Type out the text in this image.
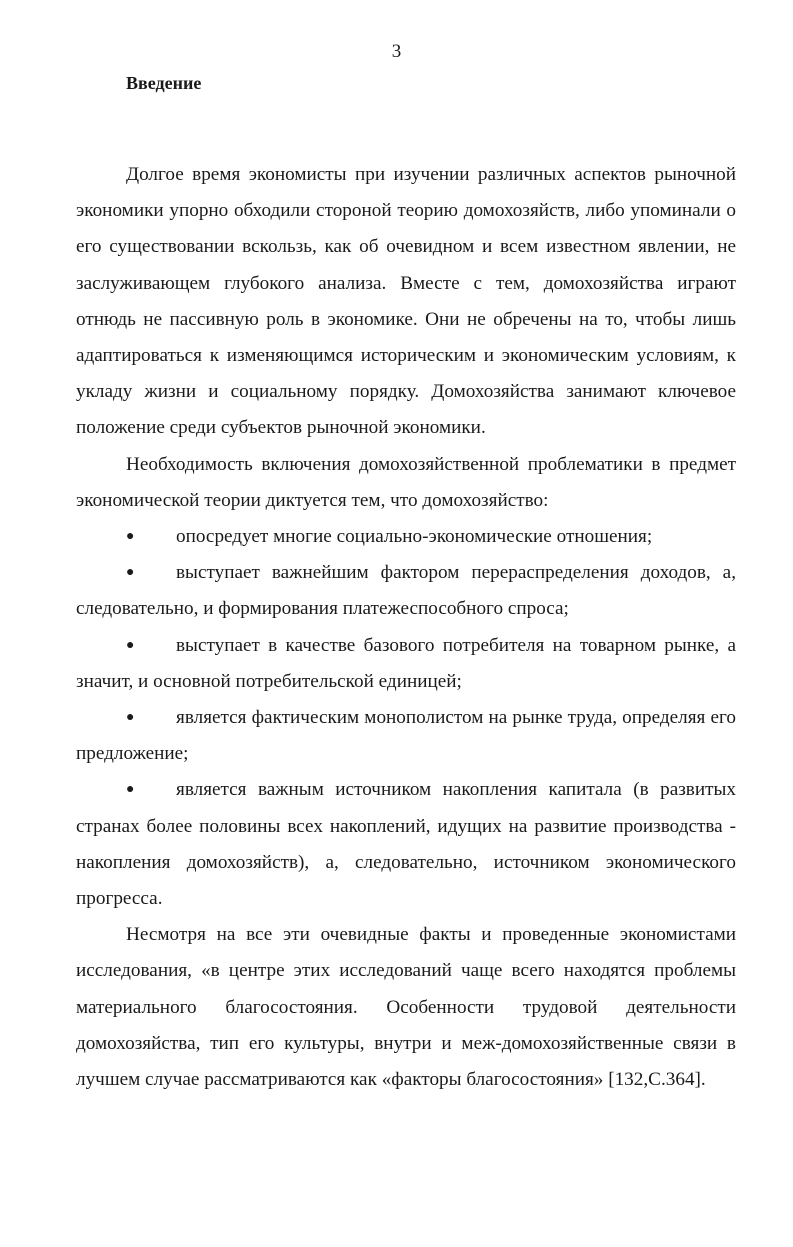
3
Введение

Долгое время экономисты при изучении различных аспектов рыночной экономики упорно обходили стороной теорию домохозяйств, либо упоминали о его существовании вскользь, как об очевидном и всем известном явлении, не заслуживающем глубокого анализа. Вместе с тем, домохозяйства играют отнюдь не пассивную роль в экономике. Они не обречены на то, чтобы лишь адаптироваться к изменяющимся историческим и экономическим условиям, к укладу жизни и социальному порядку. Домохозяйства занимают ключевое положение среди субъектов рыночной экономики.

Необходимость включения домохозяйственной проблематики в предмет экономической теории диктуется тем, что домохозяйство:

● опосредует многие социально-экономические отношения;

● выступает важнейшим фактором перераспределения доходов, а, следовательно, и формирования платежеспособного спроса;

● выступает в качестве базового потребителя на товарном рынке, а значит, и основной потребительской единицей;

● является фактическим монополистом на рынке труда, определяя его предложение;

● является важным источником накопления капитала (в развитых странах более половины всех накоплений, идущих на развитие производства - накопления домохозяйств), а, следовательно, источником экономического прогресса.

Несмотря на все эти очевидные факты и проведенные экономистами исследования, «в центре этих исследований чаще всего находятся проблемы материального благосостояния. Особенности трудовой деятельности домохозяйства, тип его культуры, внутри и меж-домохозяйственные связи в лучшем случае рассматриваются как «факторы благосостояния» [132,С.364].
